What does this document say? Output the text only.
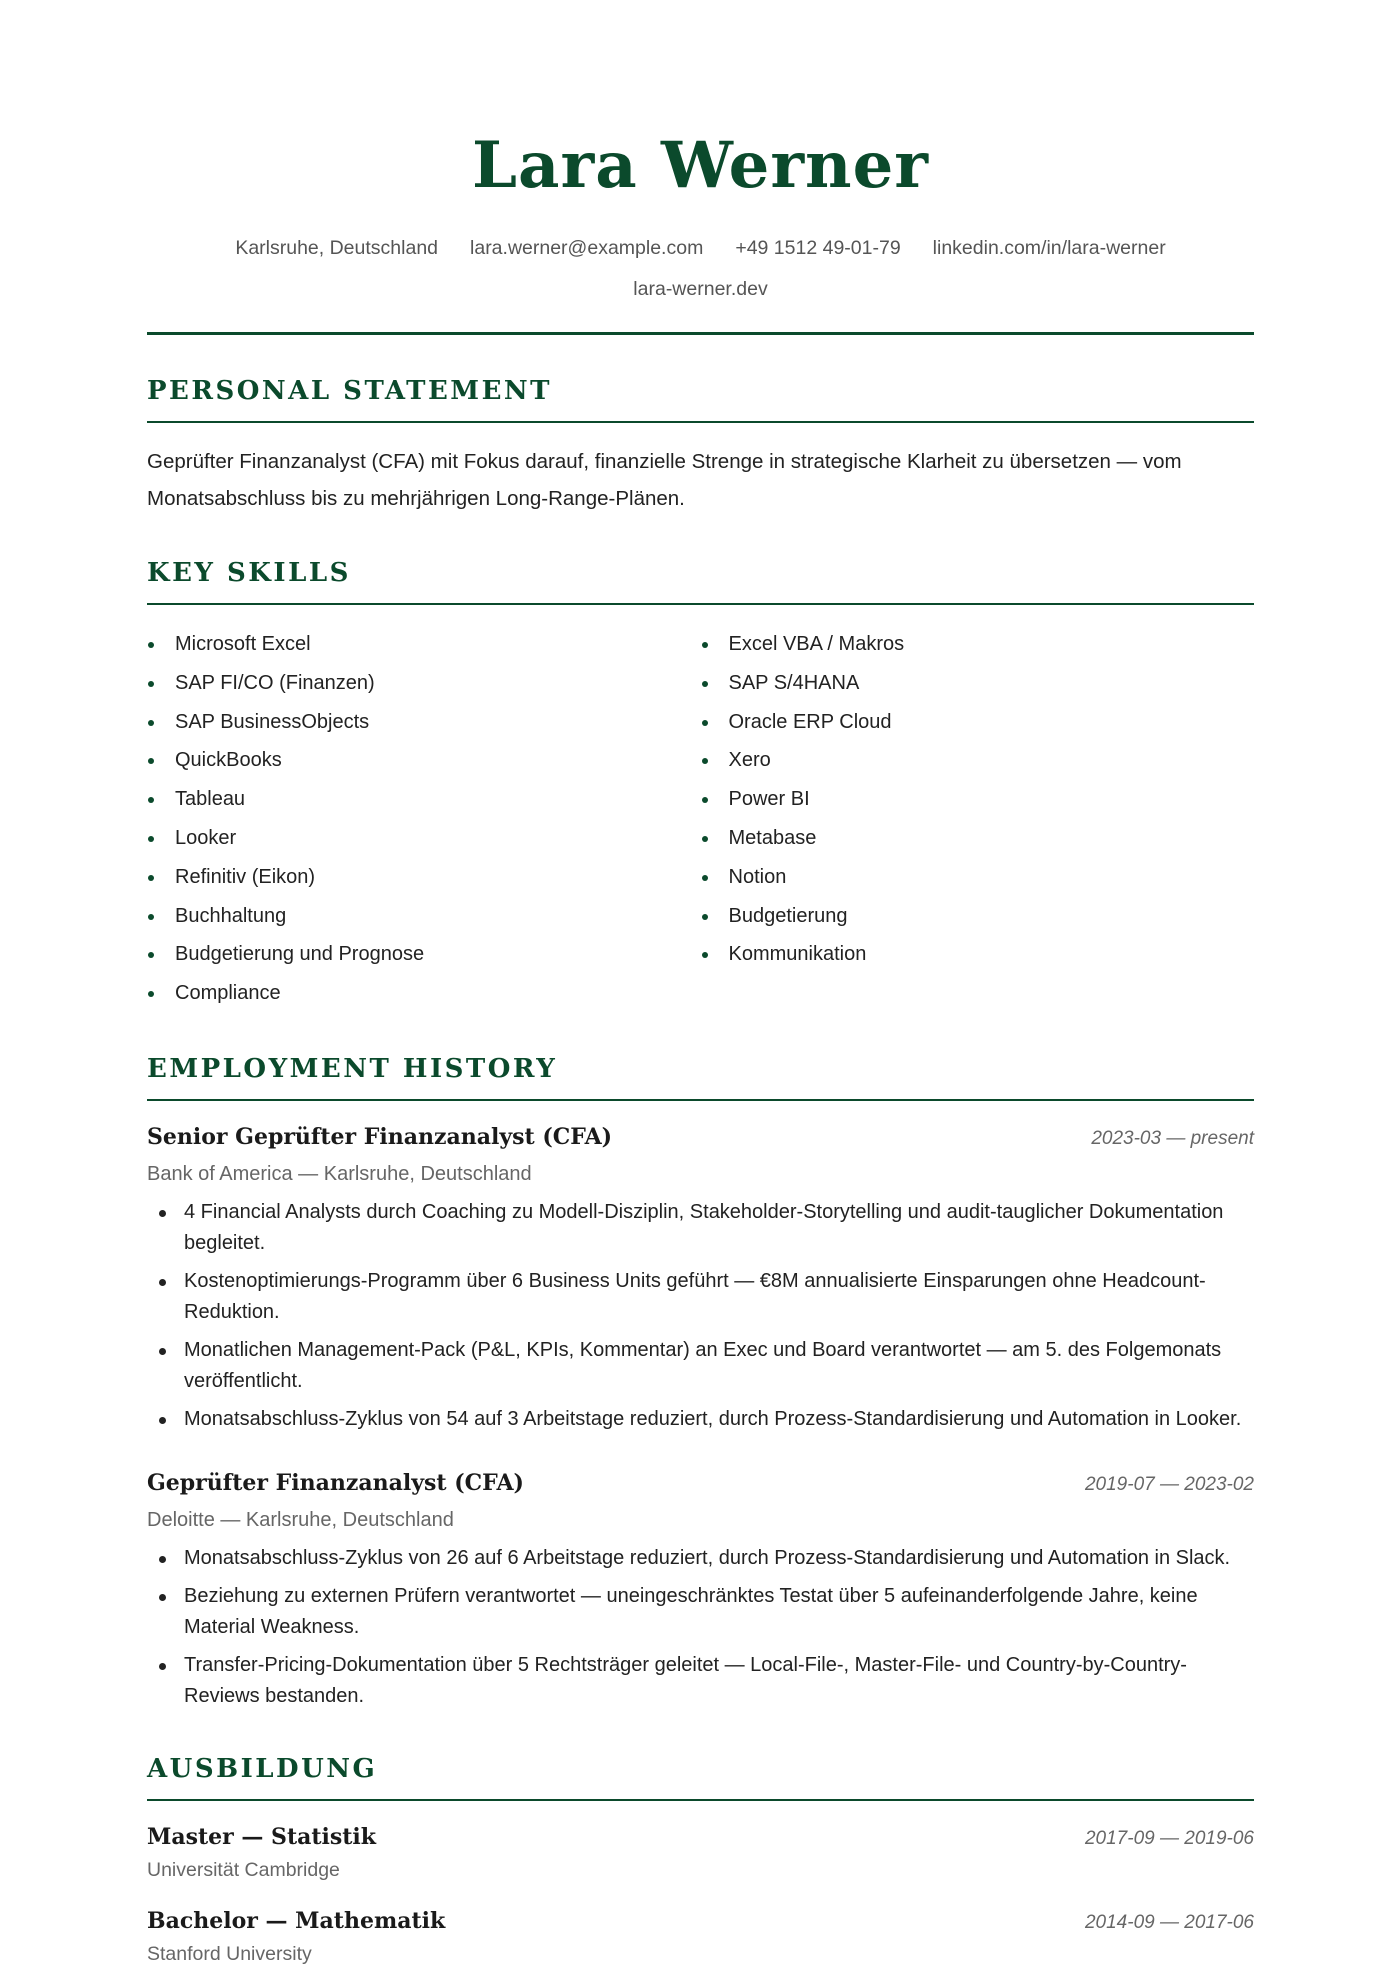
Lara Werner
Karlsruhe, Deutschland lara.werner@example.com +49 1512 49-01-79 linkedin.com/in/lara-werner
lara-werner.dev
PERSONAL STATEMENT

Geprüfter Finanzanalyst (CFA) mit Fokus darauf, finanzielle Strenge in strategische Klarheit zu übersetzen — vom Monatsabschluss bis zu mehrjährigen Long-Range-Plänen.

KEY SKILLS
Microsoft Excel
SAP FI/CO (Finanzen)
SAP BusinessObjects
QuickBooks
Tableau
Looker
Refinitiv (Eikon)
Buchhaltung
Budgetierung und Prognose
Compliance
Excel VBA / Makros
SAP S/4HANA
Oracle ERP Cloud
Xero
Power BI
Metabase
Notion
Budgetierung
Kommunikation
EMPLOYMENT HISTORY
Senior Geprüfter Finanzanalyst (CFA)	2023-03 — present
Bank of America — Karlsruhe, Deutschland
4 Financial Analysts durch Coaching zu Modell-Disziplin, Stakeholder-Storytelling und audit-tauglicher Dokumentation begleitet.
Kostenoptimierungs-Programm über 6 Business Units geführt — €8M annualisierte Einsparungen ohne Headcount-Reduktion.
Monatlichen Management-Pack (P&L, KPIs, Kommentar) an Exec und Board verantwortet — am 5. des Folgemonats veröffentlicht.
Monatsabschluss-Zyklus von 54 auf 3 Arbeitstage reduziert, durch Prozess-Standardisierung und Automation in Looker.
Geprüfter Finanzanalyst (CFA)	2019-07 — 2023-02
Deloitte — Karlsruhe, Deutschland
Monatsabschluss-Zyklus von 26 auf 6 Arbeitstage reduziert, durch Prozess-Standardisierung und Automation in Slack.
Beziehung zu externen Prüfern verantwortet — uneingeschränktes Testat über 5 aufeinanderfolgende Jahre, keine Material Weakness.
Transfer-Pricing-Dokumentation über 5 Rechtsträger geleitet — Local-File-, Master-File- und Country-by-Country-Reviews bestanden.
AUSBILDUNG
Master — Statistik	2017-09 — 2019-06
Universität Cambridge
Bachelor — Mathematik	2014-09 — 2017-06
Stanford University
